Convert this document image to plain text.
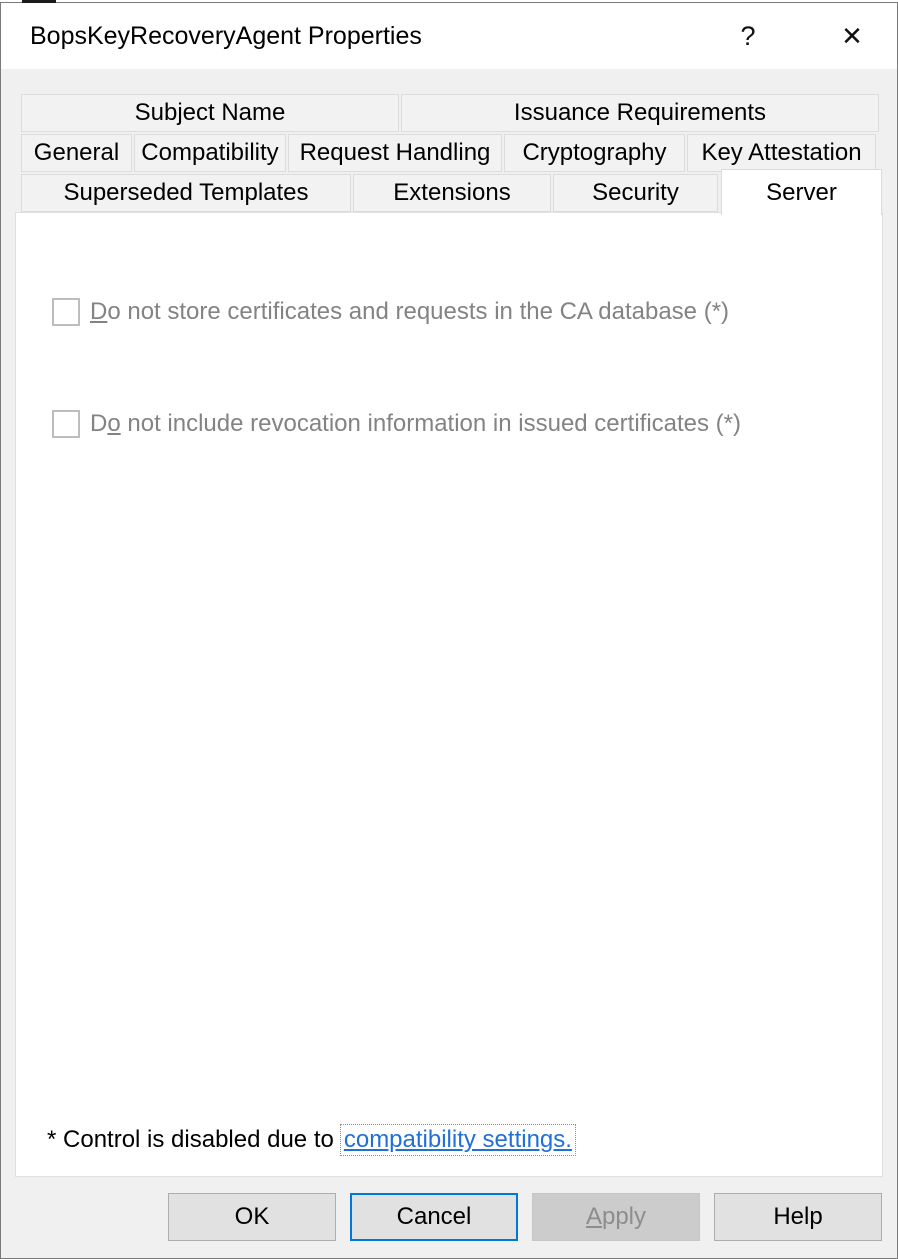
BopsKeyRecoveryAgent Properties	?	✕
Subject Name	Issuance Requirements
General Compatibility Request Handling	Cryptography	Key Attestation
Superseded Templates	Extensions	Security	Server
Do not store certificates and requests in the CA database (*)
Do not include revocation information in issued certificates (*)
* Control is disabled due to compatibility settings.
OK	Cancel	Apply	Help
